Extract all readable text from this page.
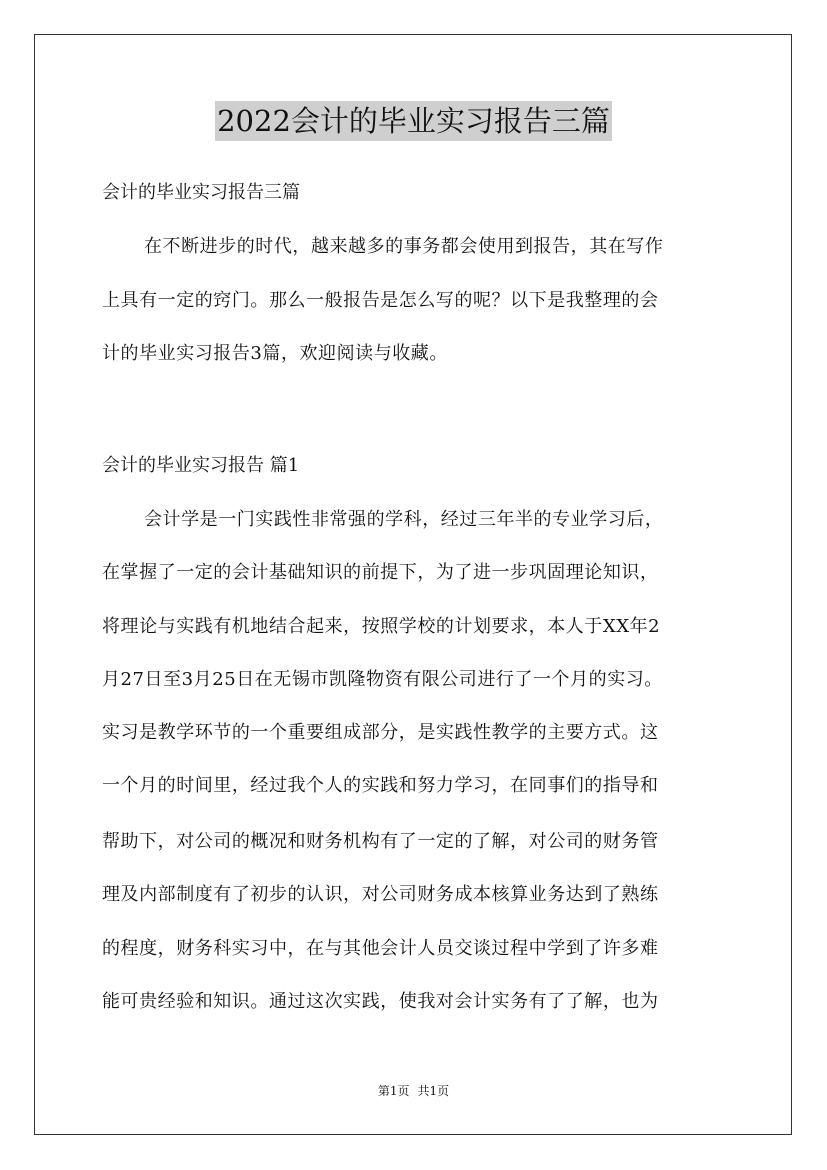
2022会计的毕业实习报告三篇
会计的毕业实习报告三篇
在不断进步的时代，越来越多的事务都会使用到报告，其在写作
上具有一定的窍门。那么一般报告是怎么写的呢？以下是我整理的会
计的毕业实习报告3篇，欢迎阅读与收藏。
会计的毕业实习报告 篇1
会计学是一门实践性非常强的学科，经过三年半的专业学习后，
在掌握了一定的会计基础知识的前提下，为了进一步巩固理论知识，
将理论与实践有机地结合起来，按照学校的计划要求，本人于XX年2
月27日至3月25日在无锡市凯隆物资有限公司进行了一个月的实习。
实习是教学环节的一个重要组成部分，是实践性教学的主要方式。这
一个月的时间里，经过我个人的实践和努力学习，在同事们的指导和
帮助下，对公司的概况和财务机构有了一定的了解，对公司的财务管
理及内部制度有了初步的认识，对公司财务成本核算业务达到了熟练
的程度，财务科实习中，在与其他会计人员交谈过程中学到了许多难
能可贵经验和知识。通过这次实践，使我对会计实务有了了解，也为
第1页 共1页
